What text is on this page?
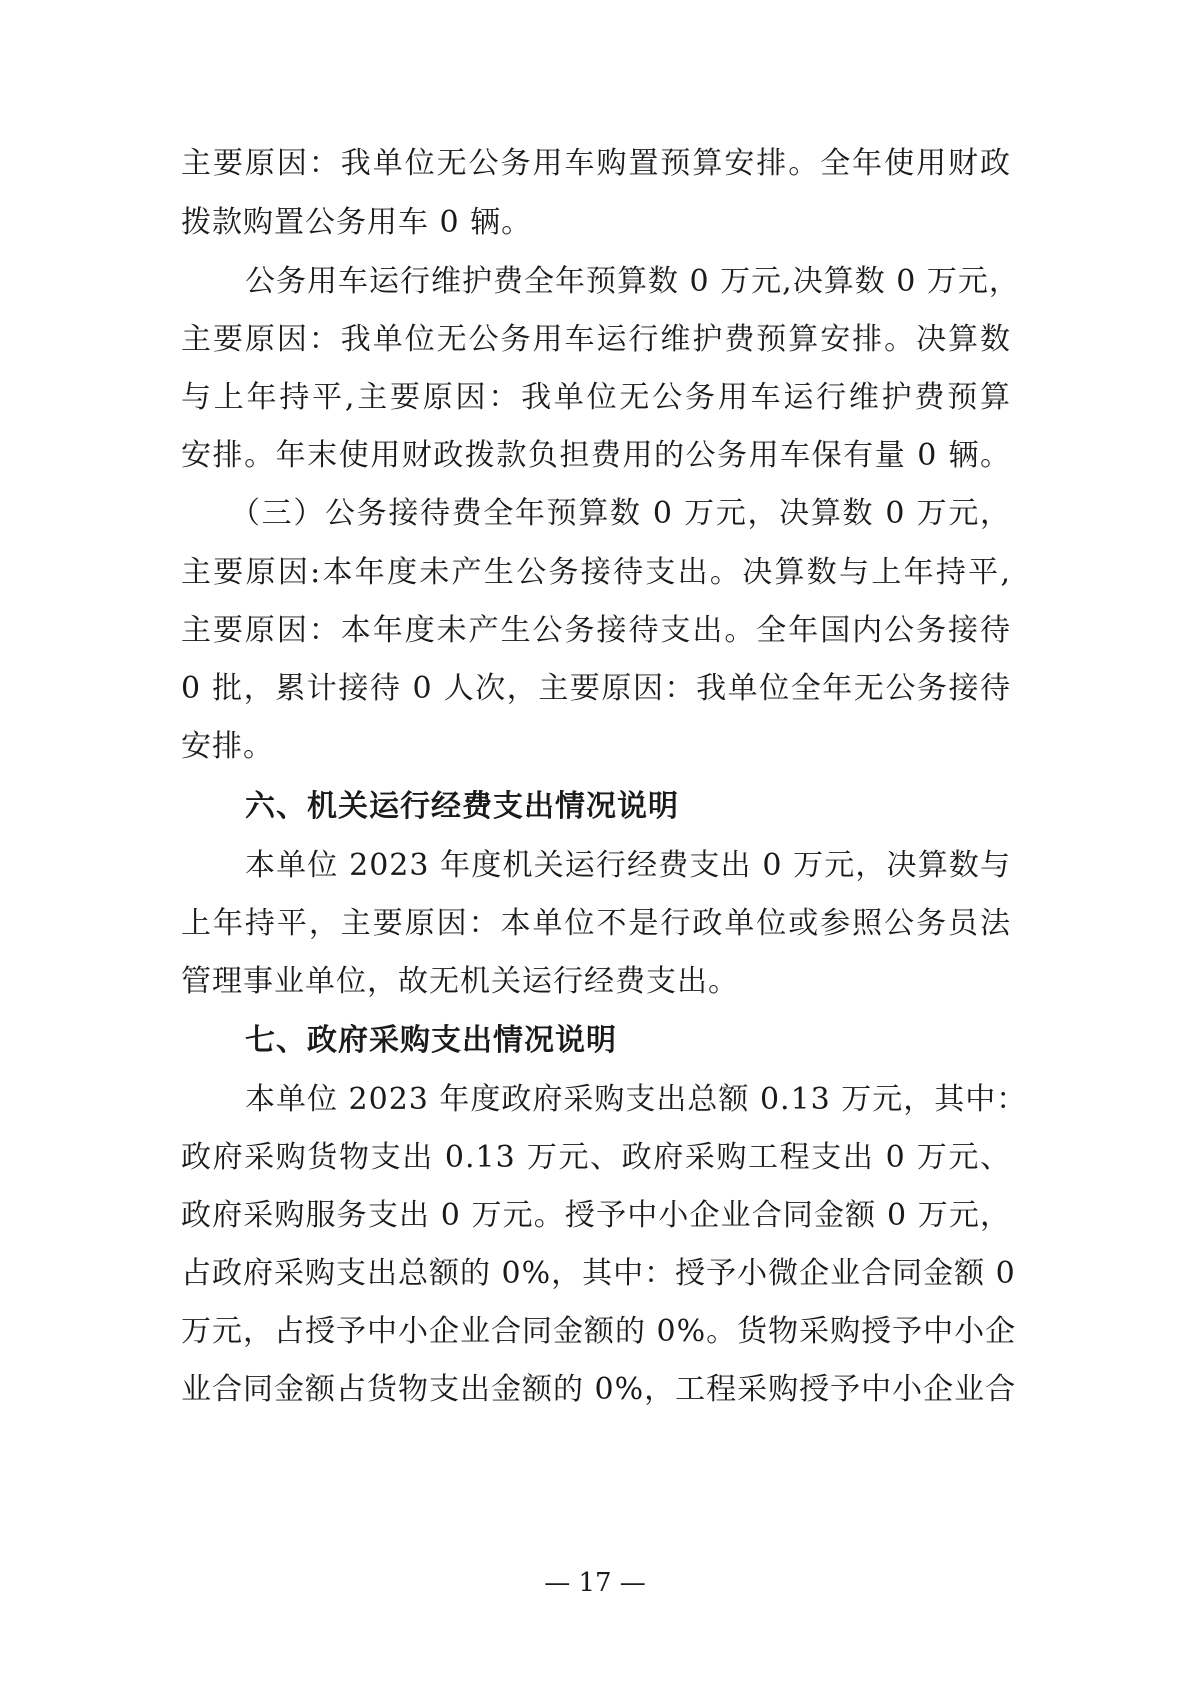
主要原因：我单位无公务用车购置预算安排。全年使用财政
拨款购置公务用车 0 辆。
公务用车运行维护费全年预算数 0 万元,决算数 0 万元，
主要原因：我单位无公务用车运行维护费预算安排。决算数
与上年持平,主要原因：我单位无公务用车运行维护费预算
安排。年末使用财政拨款负担费用的公务用车保有量 0 辆。
（三）公务接待费全年预算数 0 万元，决算数 0 万元，
主要原因:本年度未产生公务接待支出。决算数与上年持平,
主要原因：本年度未产生公务接待支出。全年国内公务接待
0 批，累计接待 0 人次，主要原因：我单位全年无公务接待
安排。
六、机关运行经费支出情况说明
本单位 2023 年度机关运行经费支出 0 万元，决算数与
上年持平，主要原因：本单位不是行政单位或参照公务员法
管理事业单位，故无机关运行经费支出。
七、政府采购支出情况说明
本单位 2023 年度政府采购支出总额 0.13 万元，其中：
政府采购货物支出 0.13 万元、政府采购工程支出 0 万元、
政府采购服务支出 0 万元。授予中小企业合同金额 0 万元，
占政府采购支出总额的 0%，其中：授予小微企业合同金额 0
万元，占授予中小企业合同金额的 0%。货物采购授予中小企
业合同金额占货物支出金额的 0%，工程采购授予中小企业合
— 17 —
